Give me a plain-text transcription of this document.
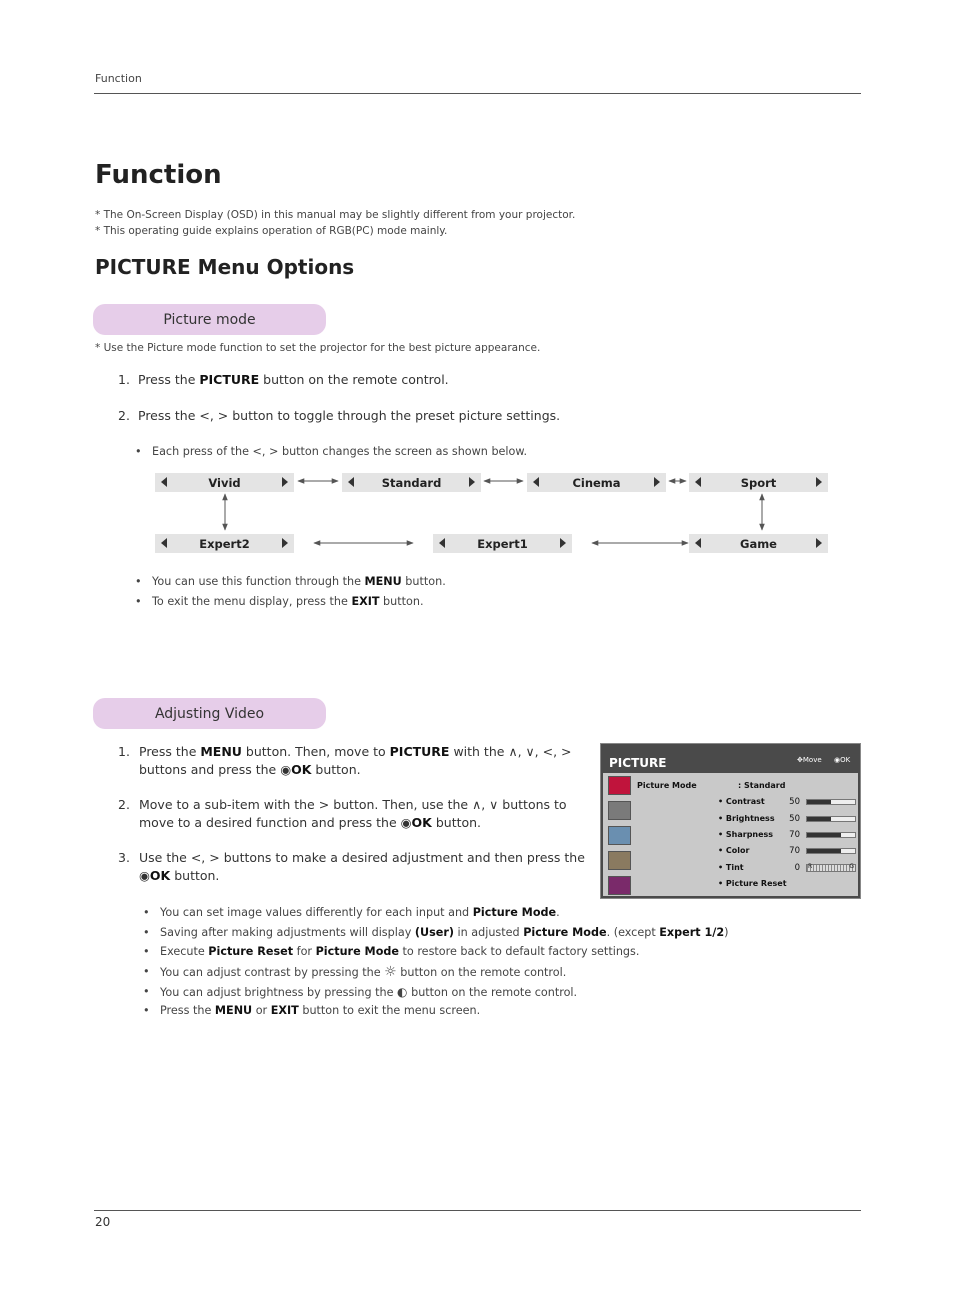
Function
Function
* The On-Screen Display (OSD) in this manual may be slightly different from your projector.
* This operating guide explains operation of RGB(PC) mode mainly.
PICTURE Menu Options
Picture mode
* Use the Picture mode function to set the projector for the best picture appearance.
1. Press the PICTURE button on the remote control.
2. Press the <, > button to toggle through the preset picture settings.
• Each press of the <, > button changes the screen as shown below.
Vivid	Standard	Cinema	Sport
Expert2	Expert1	Game
• You can use this function through the MENU button.
• To exit the menu display, press the EXIT button.
Adjusting Video
1. Press the MENU button. Then, move to PICTURE with the ∧, ∨, <, >
buttons and press the ◉OK button.
2. Move to a sub-item with the > button. Then, use the ∧, ∨ buttons to
move to a desired function and press the ◉OK button.
3. Use the <, > buttons to make a desired adjustment and then press the
◉OK button.
PICTURE	✥Move ◉OK
Picture Mode	: Standard
• Contrast	50
• Brightness	50
• Sharpness	70
• Color	70
• Tint	0 R	G
• Picture Reset
• You can set image values differently for each input and Picture Mode.
• Saving after making adjustments will display (User) in adjusted Picture Mode. (except Expert 1/2)
• Execute Picture Reset for Picture Mode to restore back to default factory settings.
• You can adjust contrast by pressing the ☼ button on the remote control.
• You can adjust brightness by pressing the ◐ button on the remote control.
• Press the MENU or EXIT button to exit the menu screen.
20
